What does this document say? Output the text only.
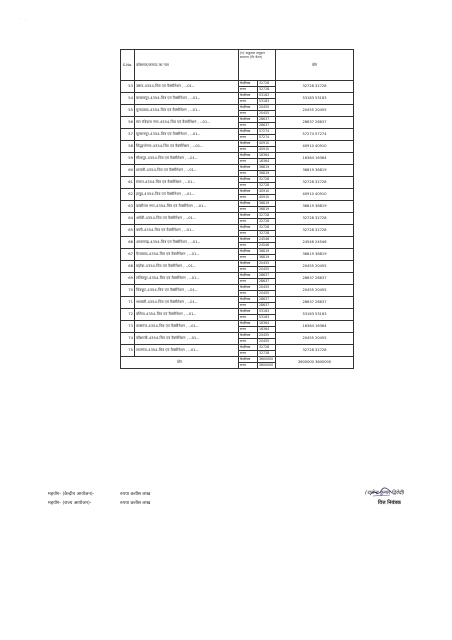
· .
S.No.	कोषागार/जनपद का नाम	(ग) अकुशल अनुदान सामान्य (गैर वेतन)		योग
53	उन्नाव-4354-चित्र एवं वैक्सीनेशन , --01--	केन्द्रीयक	32728	32728 32728
		राज्य	32728	
54	बलरामपुर-4354-चित्र एवं वैक्सीनेशन , --01--	केन्द्रीयक	53183	53183 53183
		राज्य	53183	
55	मुरादाबाद-4354-चित्र एवं वैक्सीनेशन , --01--	केन्द्रीयक	20455	20455 20455
		राज्य	20455	
56	संत रविदास नगर-4354-चित्र एवं वैक्सीनेशन , --01--	केन्द्रीयक	28637	28637 28637
		राज्य	28637	
57	सुल्तानपुर-4354-चित्र एवं वैक्सीनेशन , --01--	केन्द्रीयक	57274	57274 57274
		राज्य	57274	
58	सिद्धार्थनगर-4354-चित्र एवं वैक्सीनेशन , --01--	केन्द्रीयक	40910	40910 40910
		राज्य	40910	
59	सीतापुर-4354-चित्र एवं वैक्सीनेशन , --01--	केन्द्रीयक	16364	16364 16364
		राज्य	16364	
60	शामली-4354-चित्र एवं वैक्सीनेशन , --01--	केन्द्रीयक	36819	36819 36819
		राज्य	36819	
61	संभल-4354-चित्र एवं वैक्सीनेशन , --01--	केन्द्रीयक	32728	32728 32728
		राज्य	32728	
62	हापुड़-4354-चित्र एवं वैक्सीनेशन , --01--	केन्द्रीयक	40910	40910 40910
		राज्य	40910	
63	कांशीराम नगर-4354-चित्र एवं वैक्सीनेशन , --01--	केन्द्रीयक	36819	36819 36819
		राज्य	36819	
64	अमेठी-4354-चित्र एवं वैक्सीनेशन , --01--	केन्द्रीयक	32728	32728 32728
		राज्य	32728	
65	बस्ती-4354-चित्र एवं वैक्सीनेशन , --01--	केन्द्रीयक	32728	32728 32728
		राज्य	32728	
66	आजमगढ़-4354-चित्र एवं वैक्सीनेशन , --01--	केन्द्रीयक	24546	24546 24546
		राज्य	24546	
67	फैजाबाद-4354-चित्र एवं वैक्सीनेशन , --01--	केन्द्रीयक	36819	36819 36819
		राज्य	36819	
68	महोबा-4354-चित्र एवं वैक्सीनेशन , --01--	केन्द्रीयक	20455	20455 20455
		राज्य	20455	
69	ललितपुर-4354-चित्र एवं वैक्सीनेशन , --01--	केन्द्रीयक	28637	28637 28637
		राज्य	28637	
70	चित्रकूट-4354-चित्र एवं वैक्सीनेशन , --01--	केन्द्रीयक	20455	20455 20455
		राज्य	20455	
71	श्रावस्ती-4354-चित्र एवं वैक्सीनेशन , --01--	केन्द्रीयक	28637	28637 28637
		राज्य	28637	
72	बलिया-4354-चित्र एवं वैक्सीनेशन , --01--	केन्द्रीयक	53163	53163 53163
		राज्य	53163	
73	कासगंज-4354-चित्र एवं वैक्सीनेशन , --01--	केन्द्रीयक	16364	16364 16364
		राज्य	16364	
74	कौशाम्बी-4354-चित्र एवं वैक्सीनेशन , --01--	केन्द्रीयक	20455	20455 20455
		राज्य	20455	
75	लालगंज-4354-चित्र एवं वैक्सीनेशन , --01--	केन्द्रीयक	32728	32728 32728
		राज्य	32728	
योग		केन्द्रीयक	3600000	3600000 3600000
		राज्य	3600000	
महयोग- (केन्द्रीय आयोजन)-	रुपया छत्तीस लाख
महयोग- (राज्य आयोजन)-	रुपया छत्तीस लाख
(राजेन्द्र कुमार द्विवेदी)
वित्त नियंत्रक
